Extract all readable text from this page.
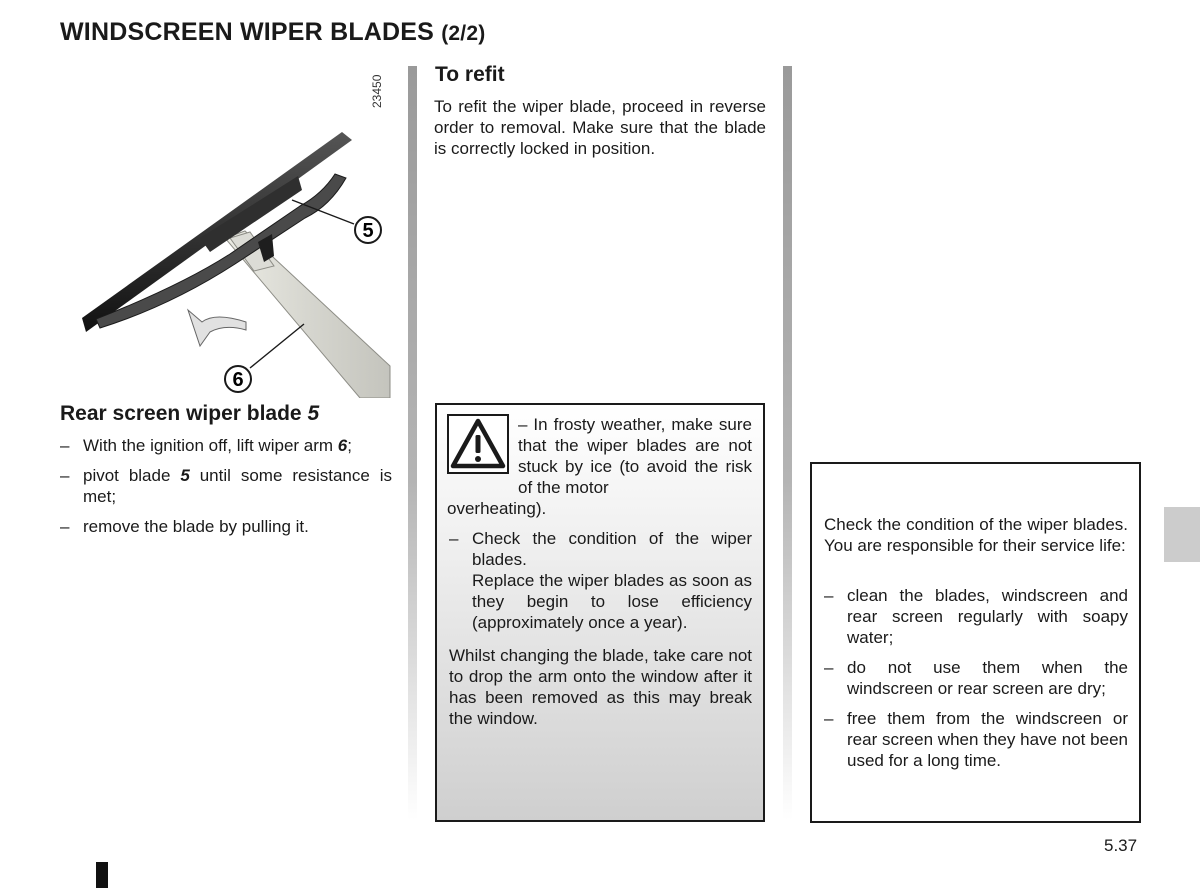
WINDSCREEN WIPER BLADES (2/2)
5
6
23450
Rear screen wiper blade 5
– With the ignition off, lift wiper arm 6;
– pivot blade 5 until some resistance is met;
– remove the blade by pulling it.
To refit

To refit the wiper blade, proceed in reverse order to removal. Make sure that the blade is correctly locked in position.

– In frosty weather, make sure that the wiper blades are not stuck by ice (to avoid the risk of the motor

overheating).

– Check the condition of the wiper blades.
Replace the wiper blades as soon as they begin to lose efficiency (approximately once a year).

Whilst changing the blade, take care not to drop the arm onto the window after it has been removed as this may break the window.

Check the condition of the wiper blades. You are responsible for their service life:

– clean the blades, windscreen and rear screen regularly with soapy water;
– do not use them when the windscreen or rear screen are dry;
– free them from the windscreen or rear screen when they have not been used for a long time.
5.37
